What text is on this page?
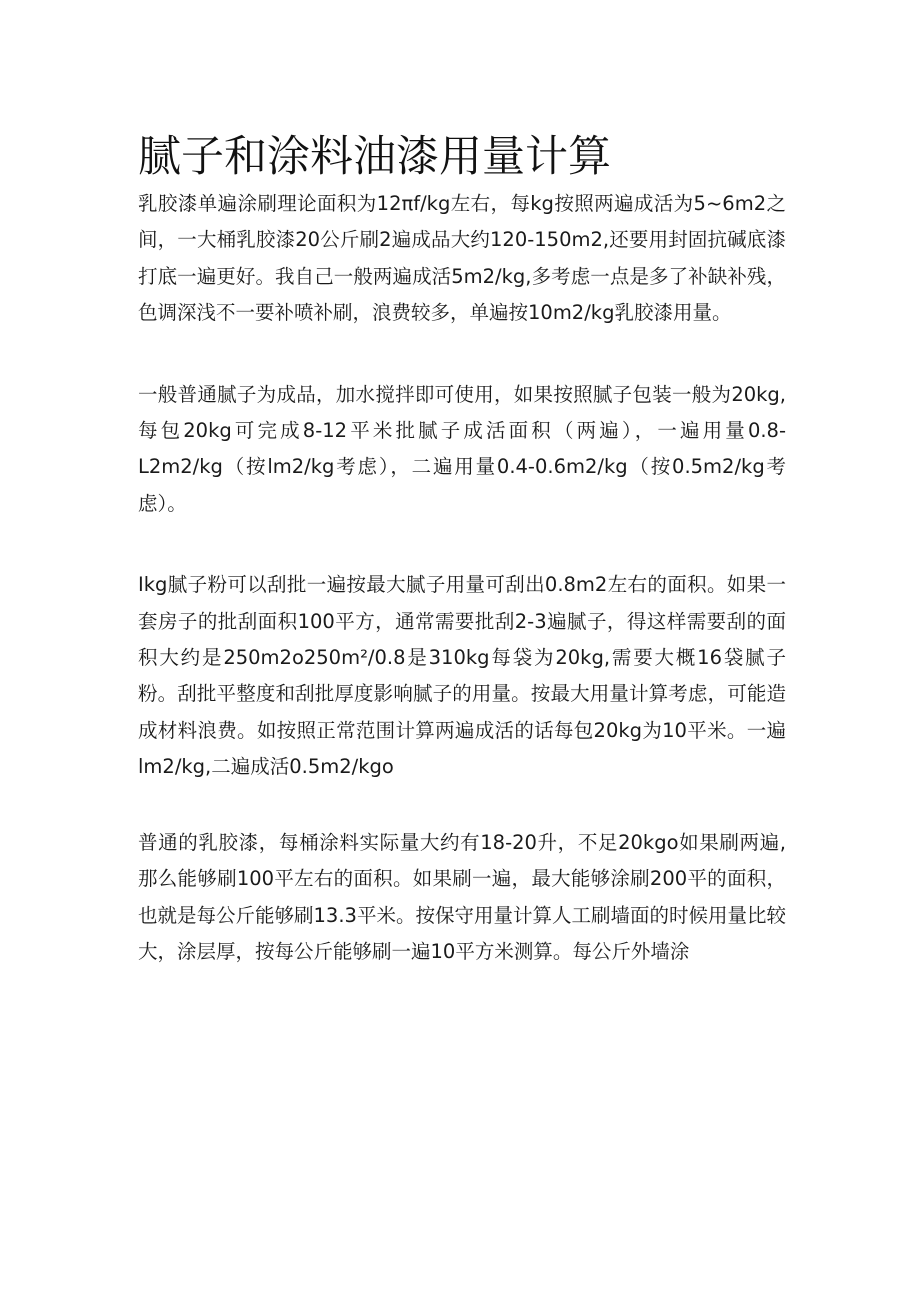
腻子和涂料油漆用量计算

乳胶漆单遍涂刷理论面积为12πf/kg左右，每kg按照两遍成活为5~6m2之间，一大桶乳胶漆20公斤刷2遍成品大约120-150m2,还要用封固抗碱底漆打底一遍更好。我自己一般两遍成活5m2/kg,多考虑一点是多了补缺补残，色调深浅不一要补喷补刷，浪费较多，单遍按10m2/kg乳胶漆用量。

一般普通腻子为成品，加水搅拌即可使用，如果按照腻子包装一般为20kg,每包20kg可完成8-12平米批腻子成活面积（两遍），一遍用量0.8-L2m2/kg（按lm2/kg考虑），二遍用量0.4-0.6m2/kg（按0.5m2∕kg考虑）。

Ikg腻子粉可以刮批一遍按最大腻子用量可刮出0.8m2左右的面积。如果一套房子的批刮面积100平方，通常需要批刮2-3遍腻子，得这样需要刮的面积大约是250m2o250m²/0.8是310kg每袋为20kg,需要大概16袋腻子粉。刮批平整度和刮批厚度影响腻子的用量。按最大用量计算考虑，可能造成材料浪费。如按照正常范围计算两遍成活的话每包20kg为10平米。一遍lm2/kg,二遍成活0.5m2∕kgo

普通的乳胶漆，每桶涂料实际量大约有18-20升，不足20kgo如果刷两遍,那么能够刷100平左右的面积。如果刷一遍，最大能够涂刷200平的面积，也就是每公斤能够刷13.3平米。按保守用量计算人工刷墙面的时候用量比较大，涂层厚，按每公斤能够刷一遍10平方米测算。每公斤外墙涂
